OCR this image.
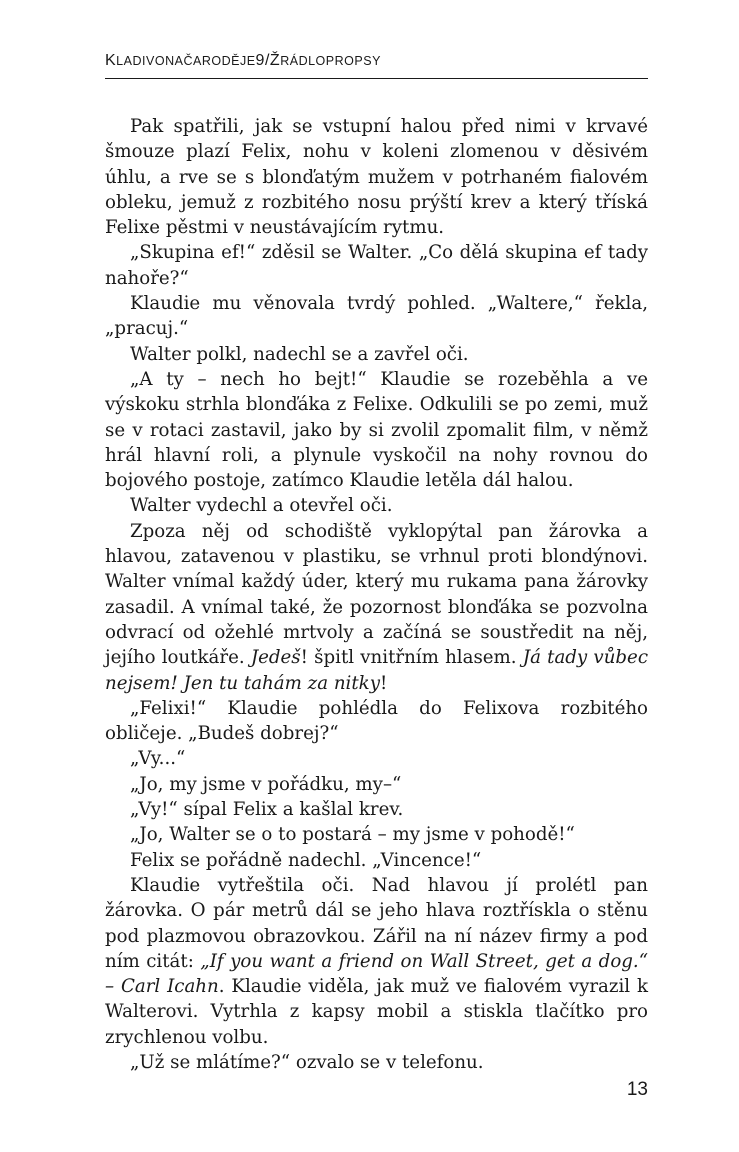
KLADIVONAČARODĚJE9/ŽRÁDLOPROPSY

Pak spatřili, jak se vstupní halou před nimi v krvavé šmouze plazí Felix, nohu v koleni zlomenou v děsivém úhlu, a rve se s blonďatým mužem v potrhaném fialovém obleku, jemuž z rozbitého nosu prýští krev a který tříská Felixe pěstmi v neustávajícím rytmu.

„Skupina ef!“ zděsil se Walter. „Co dělá skupina ef tady nahoře?“

Klaudie mu věnovala tvrdý pohled. „Waltere,“ řekla, „pracuj.“

Walter polkl, nadechl se a zavřel oči.

„A ty – nech ho bejt!“ Klaudie se rozeběhla a ve výskoku strhla blonďáka z Felixe. Odkulili se po zemi, muž se v rotaci zastavil, jako by si zvolil zpomalit film, v němž hrál hlavní roli, a plynule vyskočil na nohy rovnou do bojového postoje, zatímco Klaudie letěla dál halou.

Walter vydechl a otevřel oči.

Zpoza něj od schodiště vyklopýtal pan žárovka a hlavou, zatavenou v plastiku, se vrhnul proti blondýnovi. Walter vnímal každý úder, který mu rukama pana žárovky zasadil. A vnímal také, že pozornost blonďáka se pozvolna odvrací od ožehlé mrtvoly a začíná se soustředit na něj, jejího loutkáře. Jedeš! špitl vnitřním hlasem. Já tady vůbec nejsem! Jen tu tahám za nitky!

„Felixi!“ Klaudie pohlédla do Felixova rozbitého obličeje. „Budeš dobrej?“

„Vy...“

„Jo, my jsme v pořádku, my–“

„Vy!“ sípal Felix a kašlal krev.

„Jo, Walter se o to postará – my jsme v pohodě!“

Felix se pořádně nadechl. „Vincence!“

Klaudie vytřeštila oči. Nad hlavou jí prolétl pan žárovka. O pár metrů dál se jeho hlava roztřískla o stěnu pod plazmovou obrazovkou. Zářil na ní název firmy a pod ním citát: „If you want a friend on Wall Street, get a dog.“ – Carl Icahn. Klaudie viděla, jak muž ve fialovém vyrazil k Walterovi. Vytrhla z kapsy mobil a stiskla tlačítko pro zrychlenou volbu.

„Už se mlátíme?“ ozvalo se v telefonu.

13
